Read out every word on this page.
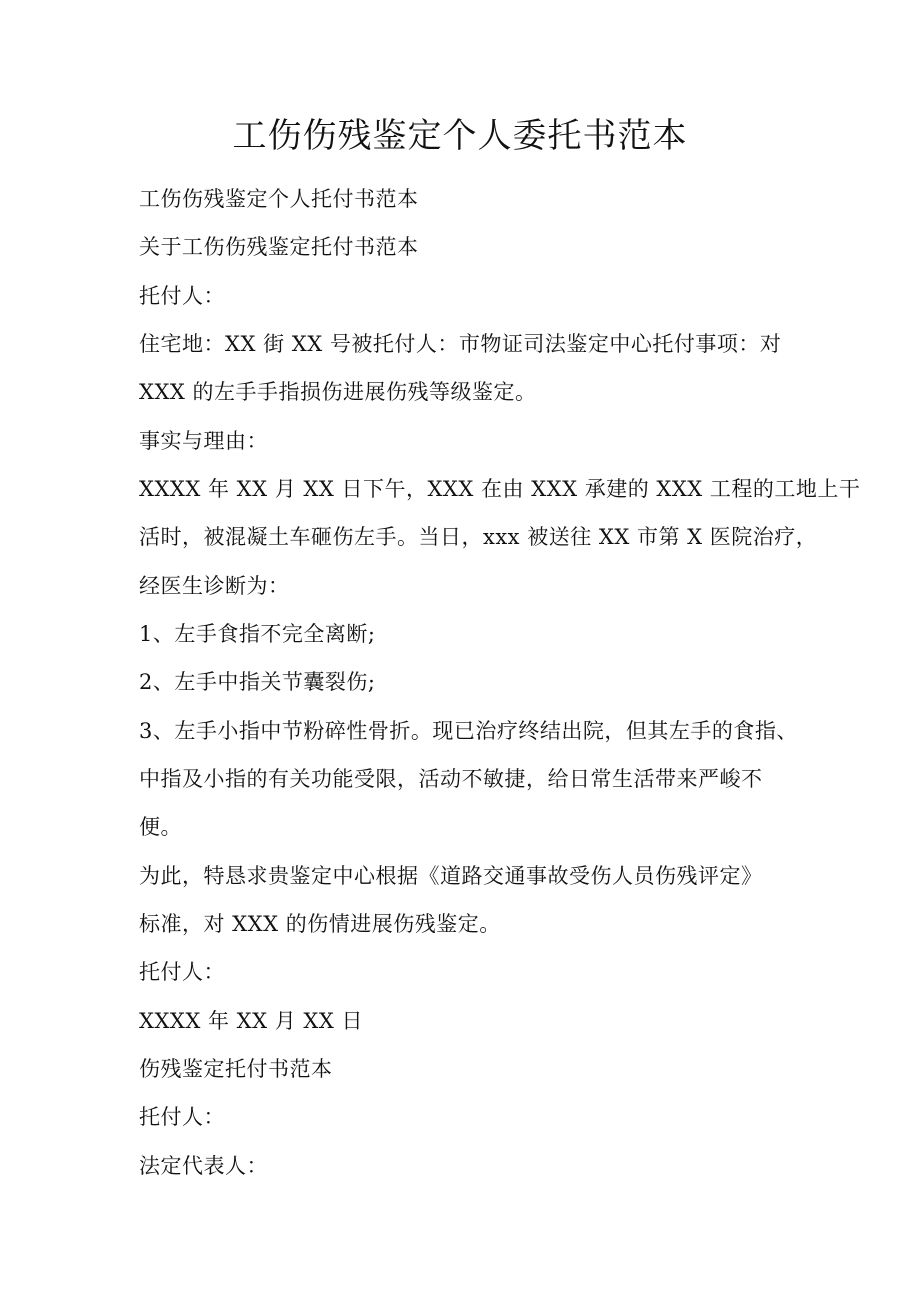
工伤伤残鉴定个人委托书范本
工伤伤残鉴定个人托付书范本
关于工伤伤残鉴定托付书范本
托付人：
住宅地：XX 街 XX 号被托付人：市物证司法鉴定中心托付事项：对
XXX 的左手手指损伤进展伤残等级鉴定。
事实与理由：
XXXX 年 XX 月 XX 日下午，XXX 在由 XXX 承建的 XXX 工程的工地上干
活时，被混凝土车砸伤左手。当日，xxx 被送往 XX 市第 X 医院治疗，
经医生诊断为：
1、左手食指不完全离断;
2、左手中指关节囊裂伤;
3、左手小指中节粉碎性骨折。现已治疗终结出院，但其左手的食指、
中指及小指的有关功能受限，活动不敏捷，给日常生活带来严峻不
便。
为此，特恳求贵鉴定中心根据《道路交通事故受伤人员伤残评定》
标准，对 XXX 的伤情进展伤残鉴定。
托付人：
XXXX 年 XX 月 XX 日
伤残鉴定托付书范本
托付人：
法定代表人：
